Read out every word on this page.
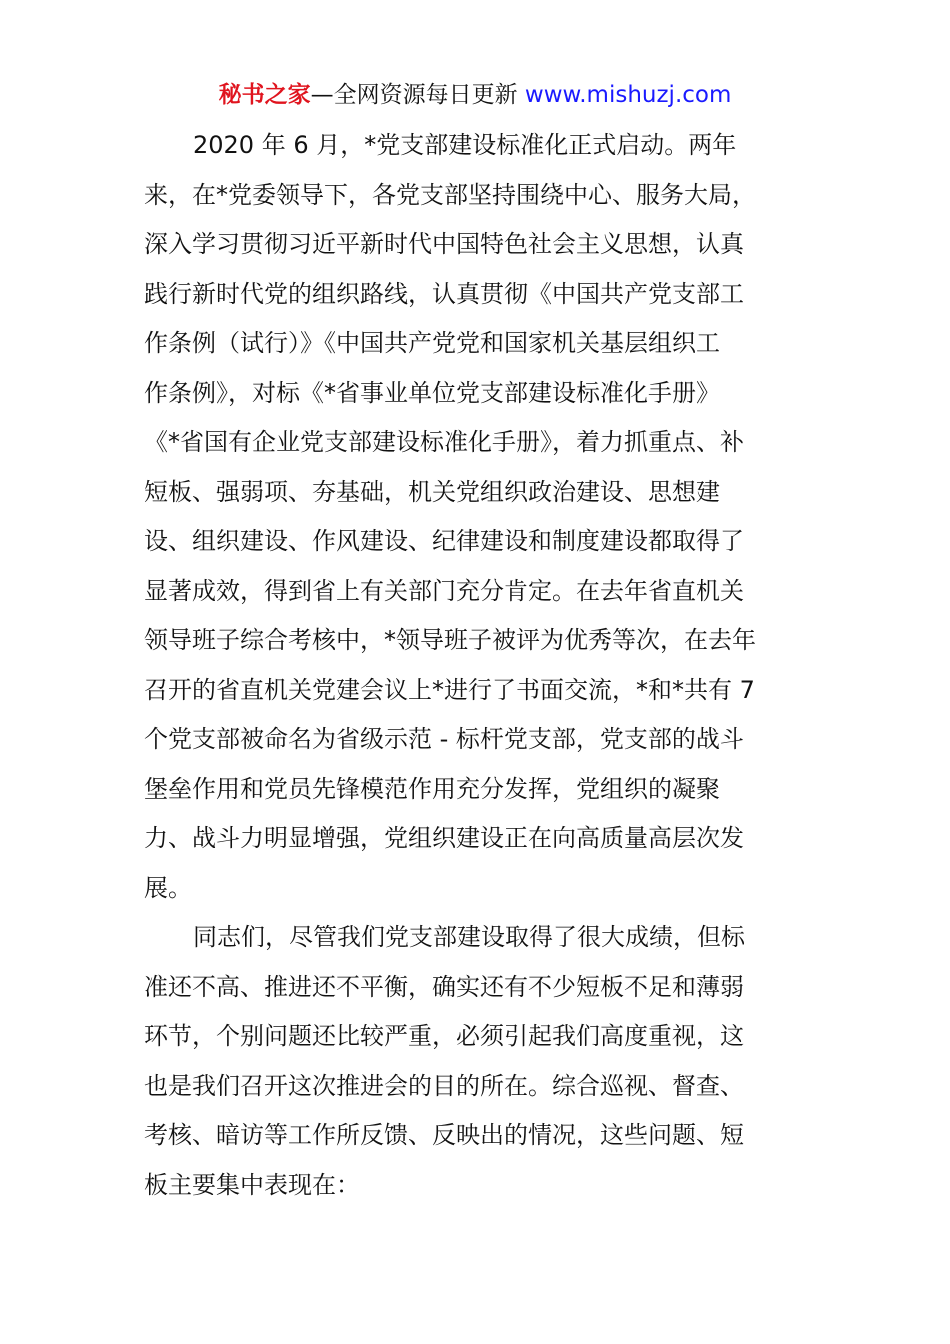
秘书之家—全网资源每日更新 www.mishuzj.com
2020 年 6 月，*党支部建设标准化正式启动。两年
来，在*党委领导下，各党支部坚持围绕中心、服务大局，
深入学习贯彻习近平新时代中国特色社会主义思想，认真
践行新时代党的组织路线，认真贯彻《中国共产党支部工
作条例（试行）》《中国共产党党和国家机关基层组织工
作条例》，对标《*省事业单位党支部建设标准化手册》
《*省国有企业党支部建设标准化手册》，着力抓重点、补
短板、强弱项、夯基础，机关党组织政治建设、思想建
设、组织建设、作风建设、纪律建设和制度建设都取得了
显著成效，得到省上有关部门充分肯定。在去年省直机关
领导班子综合考核中，*领导班子被评为优秀等次，在去年
召开的省直机关党建会议上*进行了书面交流，*和*共有 7
个党支部被命名为省级示范 - 标杆党支部，党支部的战斗
堡垒作用和党员先锋模范作用充分发挥，党组织的凝聚
力、战斗力明显增强，党组织建设正在向高质量高层次发
展。
同志们，尽管我们党支部建设取得了很大成绩，但标
准还不高、推进还不平衡，确实还有不少短板不足和薄弱
环节，个别问题还比较严重，必须引起我们高度重视，这
也是我们召开这次推进会的目的所在。综合巡视、督查、
考核、暗访等工作所反馈、反映出的情况，这些问题、短
板主要集中表现在：
